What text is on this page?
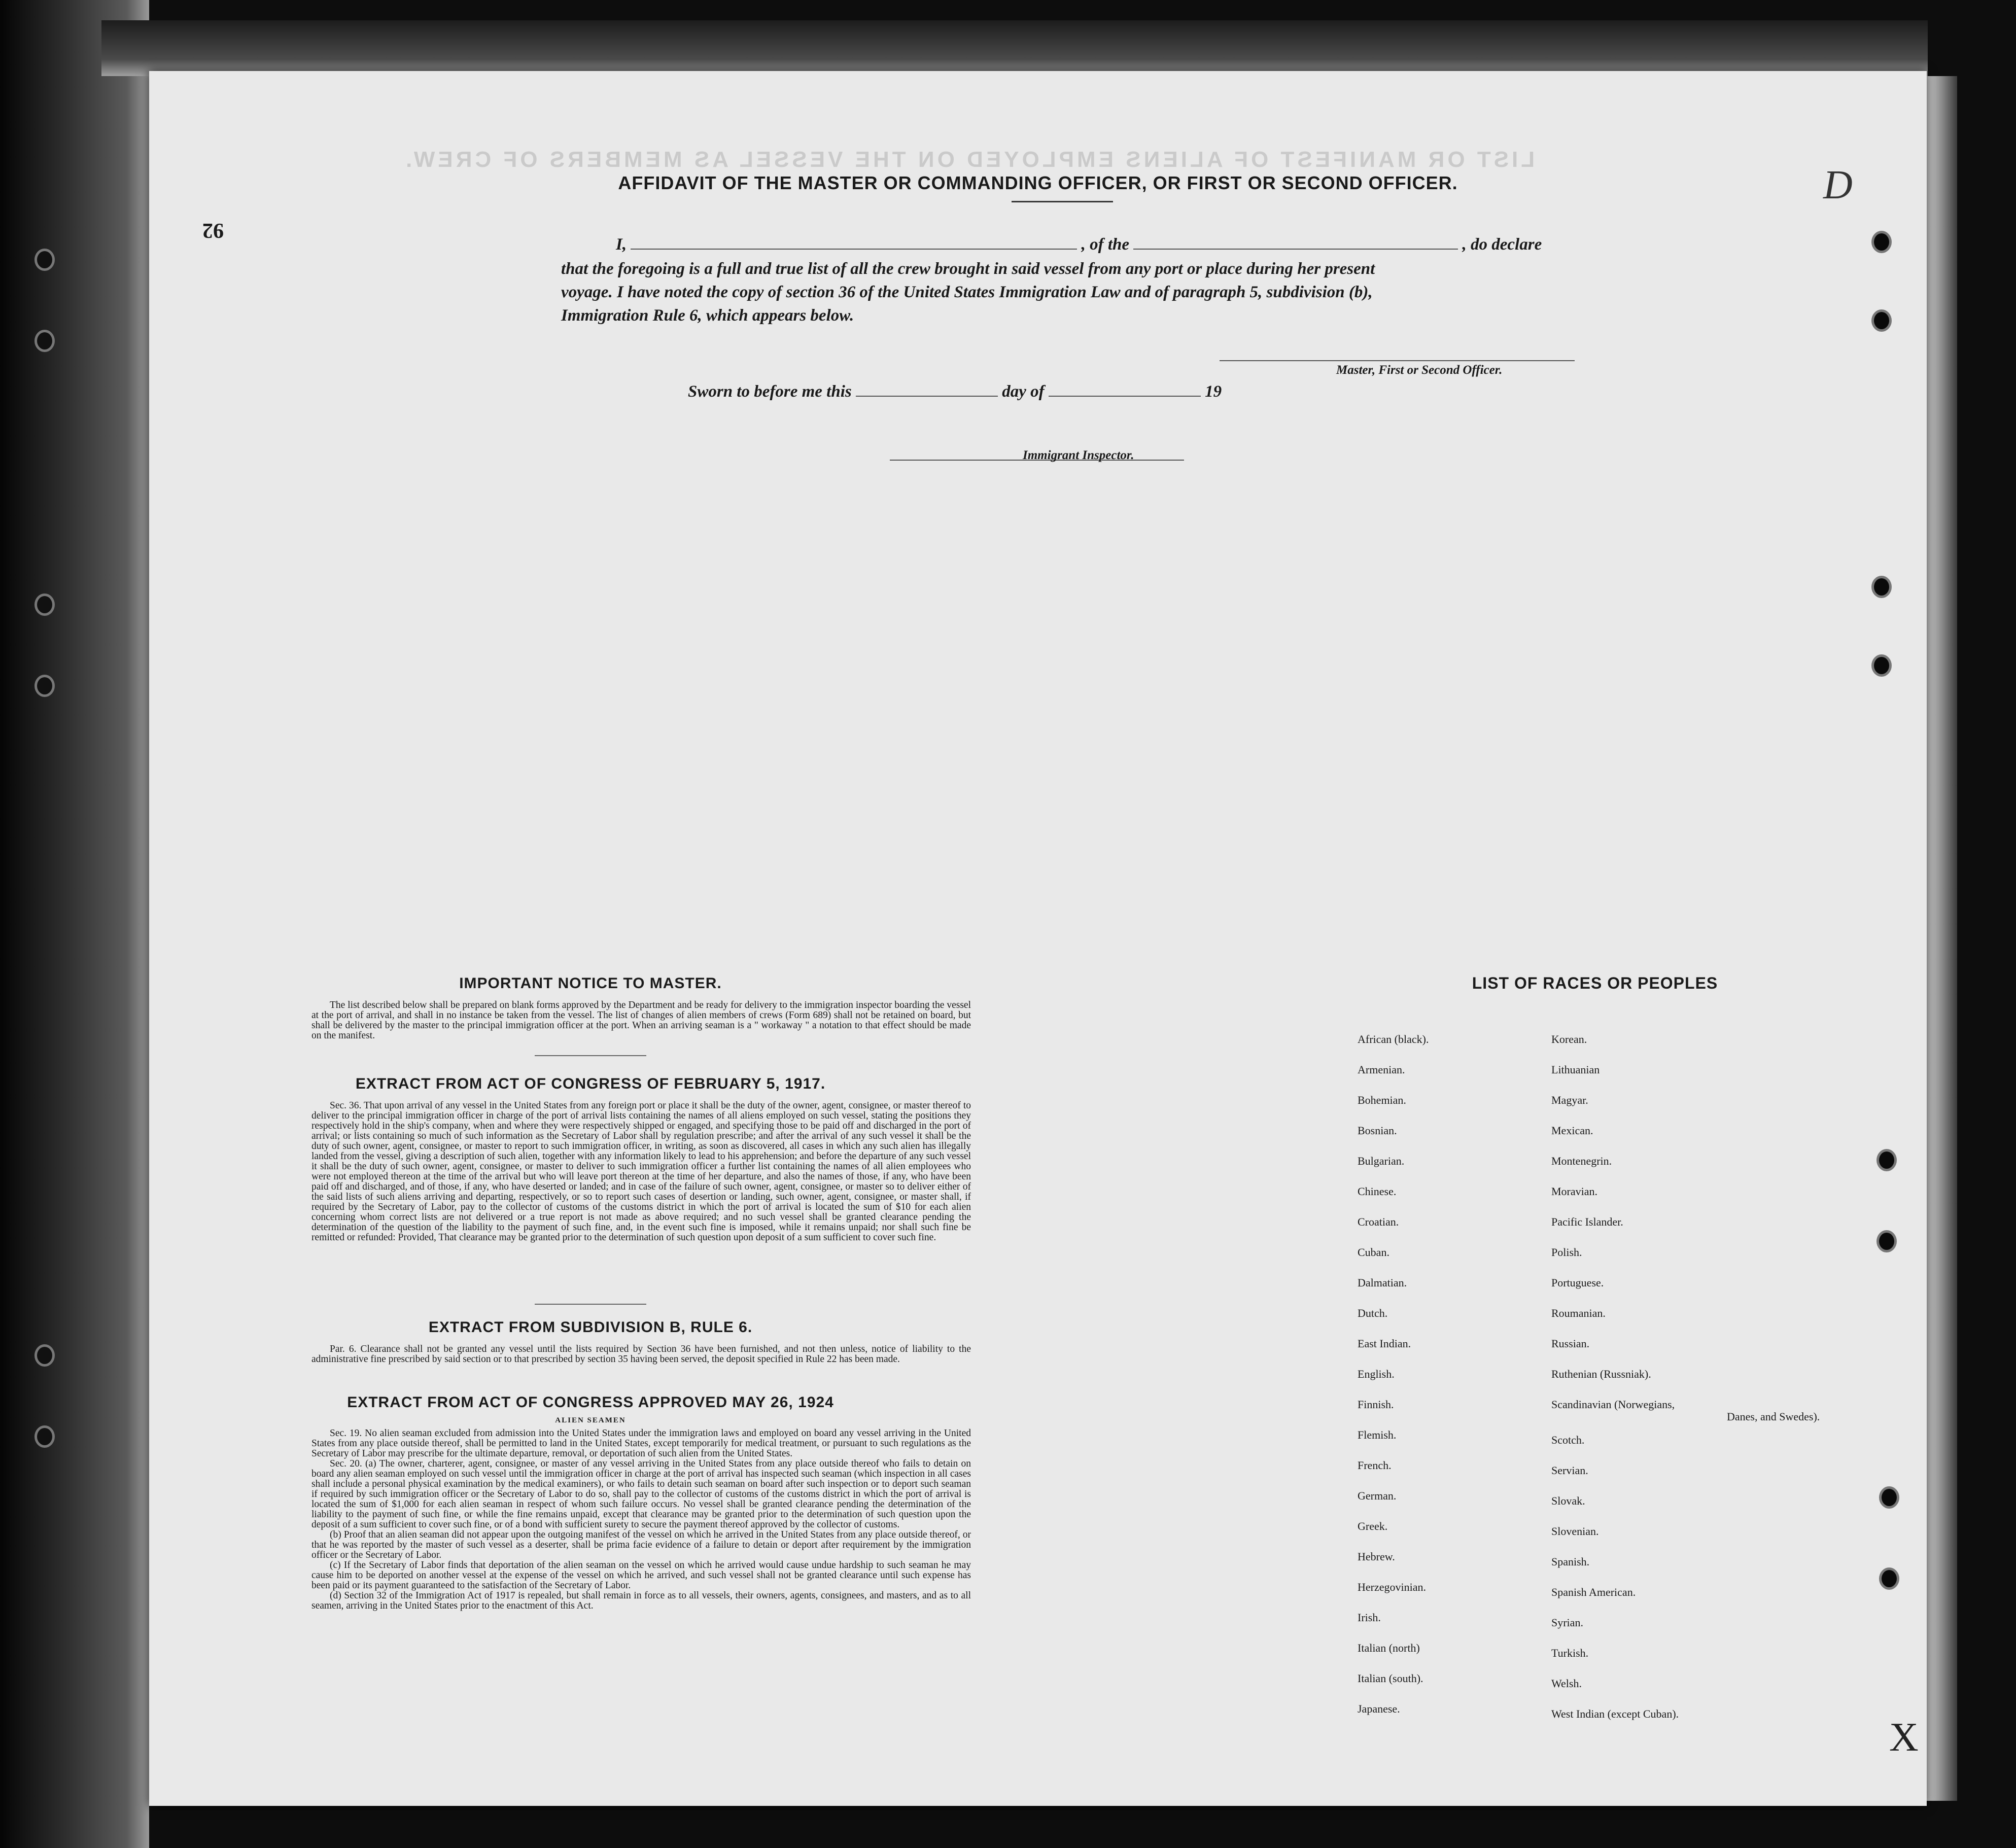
LIST OR MANIFEST OF ALIENS EMPLOYED ON THE VESSEL AS MEMBERS OF CREW.
AFFIDAVIT OF THE MASTER OR COMMANDING OFFICER, OR FIRST OR SECOND OFFICER.
I,	, of the	, do declare
that the foregoing is a full and true list of all the crew brought in said vessel from any port or place during her present
voyage. I have noted the copy of section 36 of the United States Immigration Law and of paragraph 5, subdivision (b),
Immigration Rule 6, which appears below.
Master, First or Second Officer.
Sworn to before me this	day of	19
Immigrant Inspector.
92
D
X
IMPORTANT NOTICE TO MASTER.

The list described below shall be prepared on blank forms approved by the Department and be ready for delivery to the immigration inspector boarding the vessel at the port of arrival, and shall in no instance be taken from the vessel. The list of changes of alien members of crews (Form 689) shall not be retained on board, but shall be delivered by the master to the principal immigration officer at the port. When an arriving seaman is a " workaway " a notation to that effect should be made on the manifest.

EXTRACT FROM ACT OF CONGRESS OF FEBRUARY 5, 1917.

Sec. 36. That upon arrival of any vessel in the United States from any foreign port or place it shall be the duty of the owner, agent, consignee, or master thereof to deliver to the principal immigration officer in charge of the port of arrival lists containing the names of all aliens employed on such vessel, stating the positions they respectively hold in the ship's company, when and where they were respectively shipped or engaged, and specifying those to be paid off and discharged in the port of arrival; or lists containing so much of such information as the Secretary of Labor shall by regulation prescribe; and after the arrival of any such vessel it shall be the duty of such owner, agent, consignee, or master to report to such immigration officer, in writing, as soon as discovered, all cases in which any such alien has illegally landed from the vessel, giving a description of such alien, together with any information likely to lead to his apprehension; and before the departure of any such vessel it shall be the duty of such owner, agent, consignee, or master to deliver to such immigration officer a further list containing the names of all alien employees who were not employed thereon at the time of the arrival but who will leave port thereon at the time of her departure, and also the names of those, if any, who have been paid off and discharged, and of those, if any, who have deserted or landed; and in case of the failure of such owner, agent, consignee, or master so to deliver either of the said lists of such aliens arriving and departing, respectively, or so to report such cases of desertion or landing, such owner, agent, consignee, or master shall, if required by the Secretary of Labor, pay to the collector of customs of the customs district in which the port of arrival is located the sum of $10 for each alien concerning whom correct lists are not delivered or a true report is not made as above required; and no such vessel shall be granted clearance pending the determination of the question of the liability to the payment of such fine, and, in the event such fine is imposed, while it remains unpaid; nor shall such fine be remitted or refunded: Provided, That clearance may be granted prior to the determination of such question upon deposit of a sum sufficient to cover such fine.

EXTRACT FROM SUBDIVISION B, RULE 6.

Par. 6. Clearance shall not be granted any vessel until the lists required by Section 36 have been furnished, and not then unless, notice of liability to the administrative fine prescribed by said section or to that prescribed by section 35 having been served, the deposit specified in Rule 22 has been made.

EXTRACT FROM ACT OF CONGRESS APPROVED MAY 26, 1924
ALIEN SEAMEN

Sec. 19. No alien seaman excluded from admission into the United States under the immigration laws and employed on board any vessel arriving in the United States from any place outside thereof, shall be permitted to land in the United States, except temporarily for medical treatment, or pursuant to such regulations as the Secretary of Labor may prescribe for the ultimate departure, removal, or deportation of such alien from the United States.

Sec. 20. (a) The owner, charterer, agent, consignee, or master of any vessel arriving in the United States from any place outside thereof who fails to detain on board any alien seaman employed on such vessel until the immigration officer in charge at the port of arrival has inspected such seaman (which inspection in all cases shall include a personal physical examination by the medical examiners), or who fails to detain such seaman on board after such inspection or to deport such seaman if required by such immigration officer or the Secretary of Labor to do so, shall pay to the collector of customs of the customs district in which the port of arrival is located the sum of $1,000 for each alien seaman in respect of whom such failure occurs. No vessel shall be granted clearance pending the determination of the liability to the payment of such fine, or while the fine remains unpaid, except that clearance may be granted prior to the determination of such question upon the deposit of a sum sufficient to cover such fine, or of a bond with sufficient surety to secure the payment thereof approved by the collector of customs.

(b) Proof that an alien seaman did not appear upon the outgoing manifest of the vessel on which he arrived in the United States from any place outside thereof, or that he was reported by the master of such vessel as a deserter, shall be prima facie evidence of a failure to detain or deport after requirement by the immigration officer or the Secretary of Labor.

(c) If the Secretary of Labor finds that deportation of the alien seaman on the vessel on which he arrived would cause undue hardship to such seaman he may cause him to be deported on another vessel at the expense of the vessel on which he arrived, and such vessel shall not be granted clearance until such expense has been paid or its payment guaranteed to the satisfaction of the Secretary of Labor.

(d) Section 32 of the Immigration Act of 1917 is repealed, but shall remain in force as to all vessels, their owners, agents, consignees, and masters, and as to all seamen, arriving in the United States prior to the enactment of this Act.

LIST OF RACES OR PEOPLES
African (black).
Armenian.
Bohemian.
Bosnian.
Bulgarian.
Chinese.
Croatian.
Cuban.
Dalmatian.
Dutch.
East Indian.
English.
Finnish.
Flemish.
French.
German.
Greek.
Hebrew.
Herzegovinian.
Irish.
Italian (north)
Italian (south).
Japanese.
Korean.
Lithuanian
Magyar.
Mexican.
Montenegrin.
Moravian.
Pacific Islander.
Polish.
Portuguese.
Roumanian.
Russian.
Ruthenian (Russniak).
Scandinavian (Norwegians,
Scotch.
Servian.
Slovak.
Slovenian.
Spanish.
Spanish American.
Syrian.
Turkish.
Welsh.
West Indian (except Cuban).
Danes, and Swedes).
